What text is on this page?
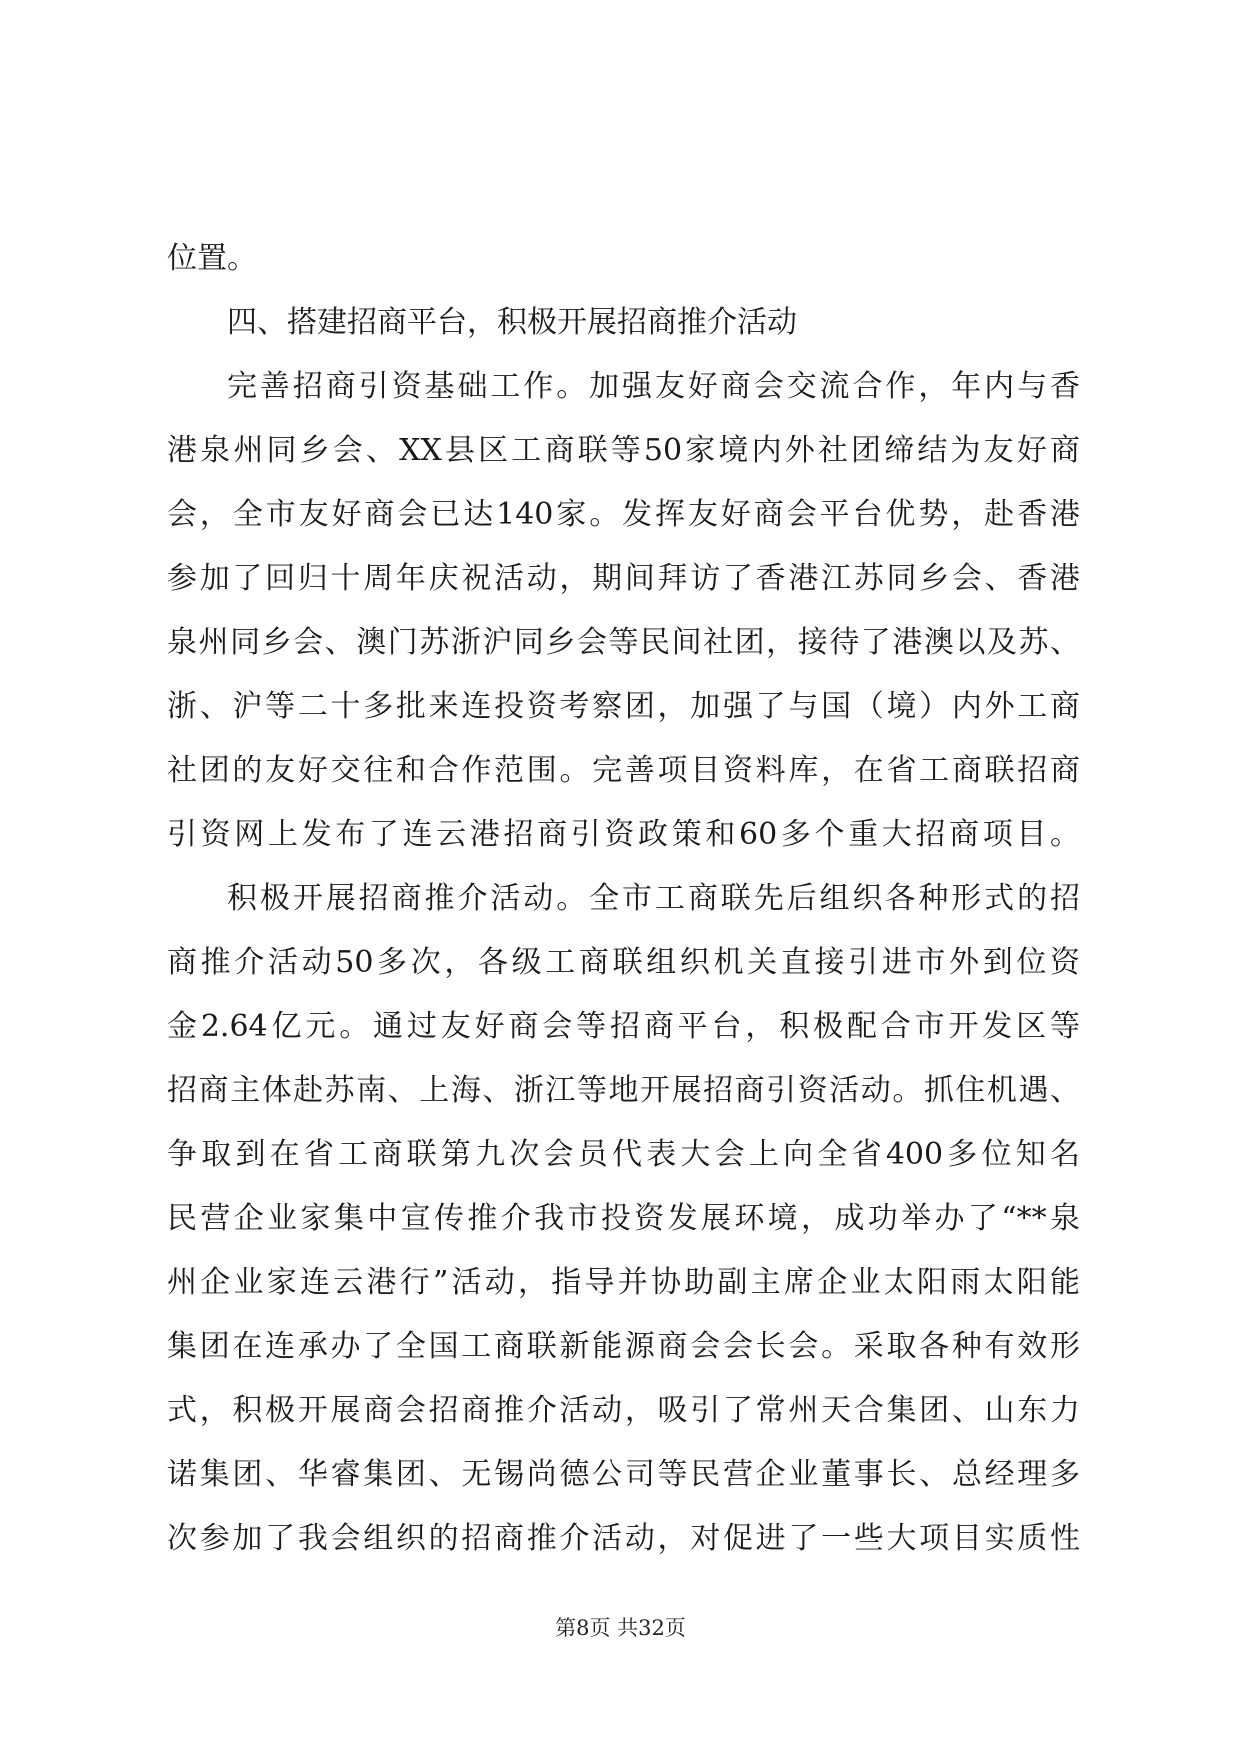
位置。
四、搭建招商平台，积极开展招商推介活动
完善招商引资基础工作。加强友好商会交流合作，年内与香
港泉州同乡会、XX县区工商联等50家境内外社团缔结为友好商
会，全市友好商会已达140家。发挥友好商会平台优势，赴香港
参加了回归十周年庆祝活动，期间拜访了香港江苏同乡会、香港
泉州同乡会、澳门苏浙沪同乡会等民间社团，接待了港澳以及苏、
浙、沪等二十多批来连投资考察团，加强了与国（境）内外工商
社团的友好交往和合作范围。完善项目资料库，在省工商联招商
引资网上发布了连云港招商引资政策和60多个重大招商项目。
积极开展招商推介活动。全市工商联先后组织各种形式的招
商推介活动50多次，各级工商联组织机关直接引进市外到位资
金2.64亿元。通过友好商会等招商平台，积极配合市开发区等
招商主体赴苏南、上海、浙江等地开展招商引资活动。抓住机遇、
争取到在省工商联第九次会员代表大会上向全省400多位知名
民营企业家集中宣传推介我市投资发展环境，成功举办了“**泉
州企业家连云港行”活动，指导并协助副主席企业太阳雨太阳能
集团在连承办了全国工商联新能源商会会长会。采取各种有效形
式，积极开展商会招商推介活动，吸引了常州天合集团、山东力
诺集团、华睿集团、无锡尚德公司等民营企业董事长、总经理多
次参加了我会组织的招商推介活动，对促进了一些大项目实质性
第8页 共32页
